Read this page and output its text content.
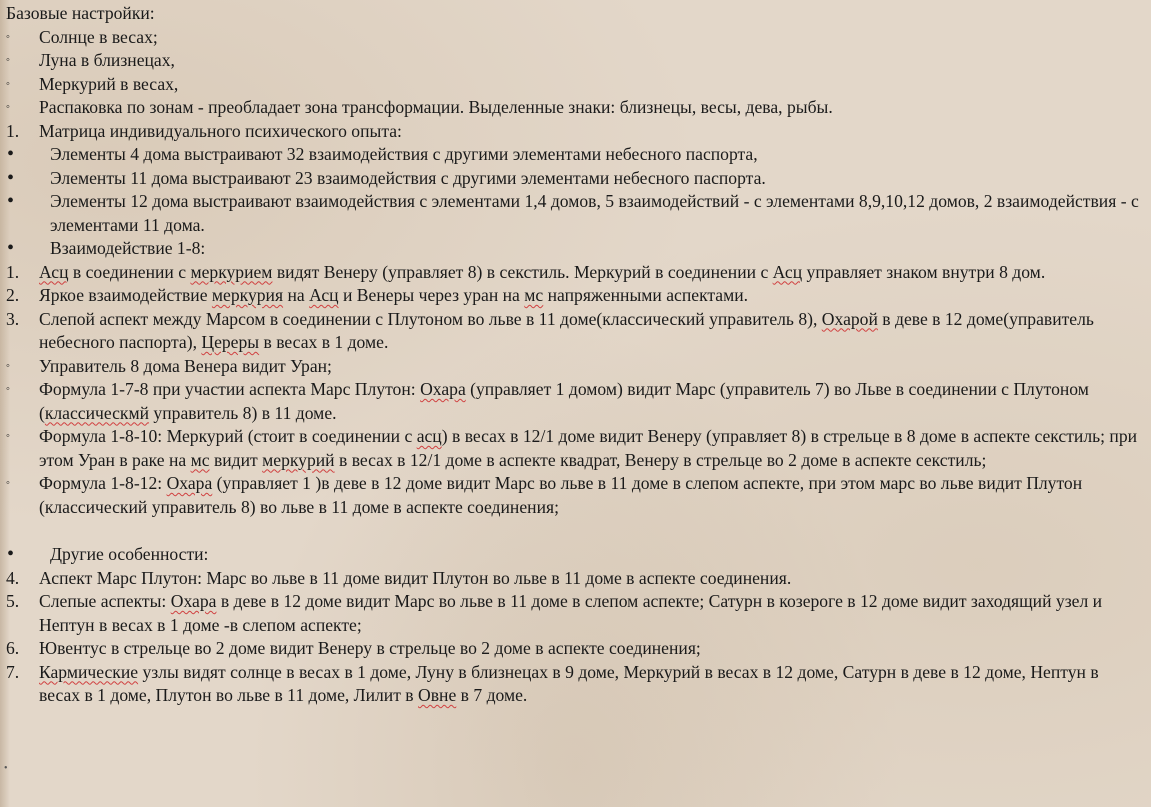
Базовые настройки:
◦	Солнце в весах;
◦	Луна в близнецах,
◦	Меркурий в весах,
◦	Распаковка по зонам - преобладает зона трансформации. Выделенные знаки: близнецы, весы, дева, рыбы.
1.	Матрица индивидуального психического опыта:
•	Элементы 4 дома выстраивают 32 взаимодействия с другими элементами небесного паспорта,
•	Элементы 11 дома выстраивают 23 взаимодействия с другими элементами небесного паспорта.
•	Элементы 12 дома выстраивают взаимодействия с элементами 1,4 домов, 5 взаимодействий - с элементами 8,9,10,12 домов, 2 взаимодействия - с элементами 11 дома.
•	Взаимодействие 1-8:
1.	Асц в соединении с меркурием видят Венеру (управляет 8) в секстиль. Меркурий в соединении с Асц управляет знаком внутри 8 дом.
2.	Яркое взаимодействие меркурия на Асц и Венеры через уран на мс напряженными аспектами.
3.	Слепой аспект между Марсом в соединении с Плутоном во льве в 11 доме(классический управитель 8), Охарой в деве в 12 доме(управитель небесного паспорта), Цереры в весах в 1 доме.
◦	Управитель 8 дома Венера видит Уран;
◦	Формула 1-7-8 при участии аспекта Марс Плутон: Охара (управляет 1 домом) видит Марс (управитель 7) во Льве в соединении с Плутоном (классическмй управитель 8) в 11 доме.
◦	Формула 1-8-10: Меркурий (стоит в соединении с асц) в весах в 12/1 доме видит Венеру (управляет 8) в стрельце в 8 доме в аспекте секстиль; при этом Уран в раке на мс видит меркурий в весах в 12/1 доме в аспекте квадрат, Венеру в стрельце во 2 доме в аспекте секстиль;
◦	Формула 1-8-12: Охара (управляет 1 )в деве в 12 доме видит Марс во льве в 11 доме в слепом аспекте, при этом марс во льве видит Плутон (классический управитель 8) во льве в 11 доме в аспекте соединения;
•	Другие особенности:
4.	Аспект Марс Плутон: Марс во льве в 11 доме видит Плутон во льве в 11 доме в аспекте соединения.
5.	Слепые аспекты: Охара в деве в 12 доме видит Марс во льве в 11 доме в слепом аспекте; Сатурн в козероге в 12 доме видит заходящий узел и Нептун в весах в 1 доме -в слепом аспекте;
6.	Ювентус в стрельце во 2 доме видит Венеру в стрельце во 2 доме в аспекте соединения;
7.	Кармические узлы видят солнце в весах в 1 доме, Луну в близнецах в 9 доме, Меркурий в весах в 12 доме, Сатурн в деве в 12 доме, Нептун в весах в 1 доме, Плутон во льве в 11 доме, Лилит в Овне в 7 доме.
•
